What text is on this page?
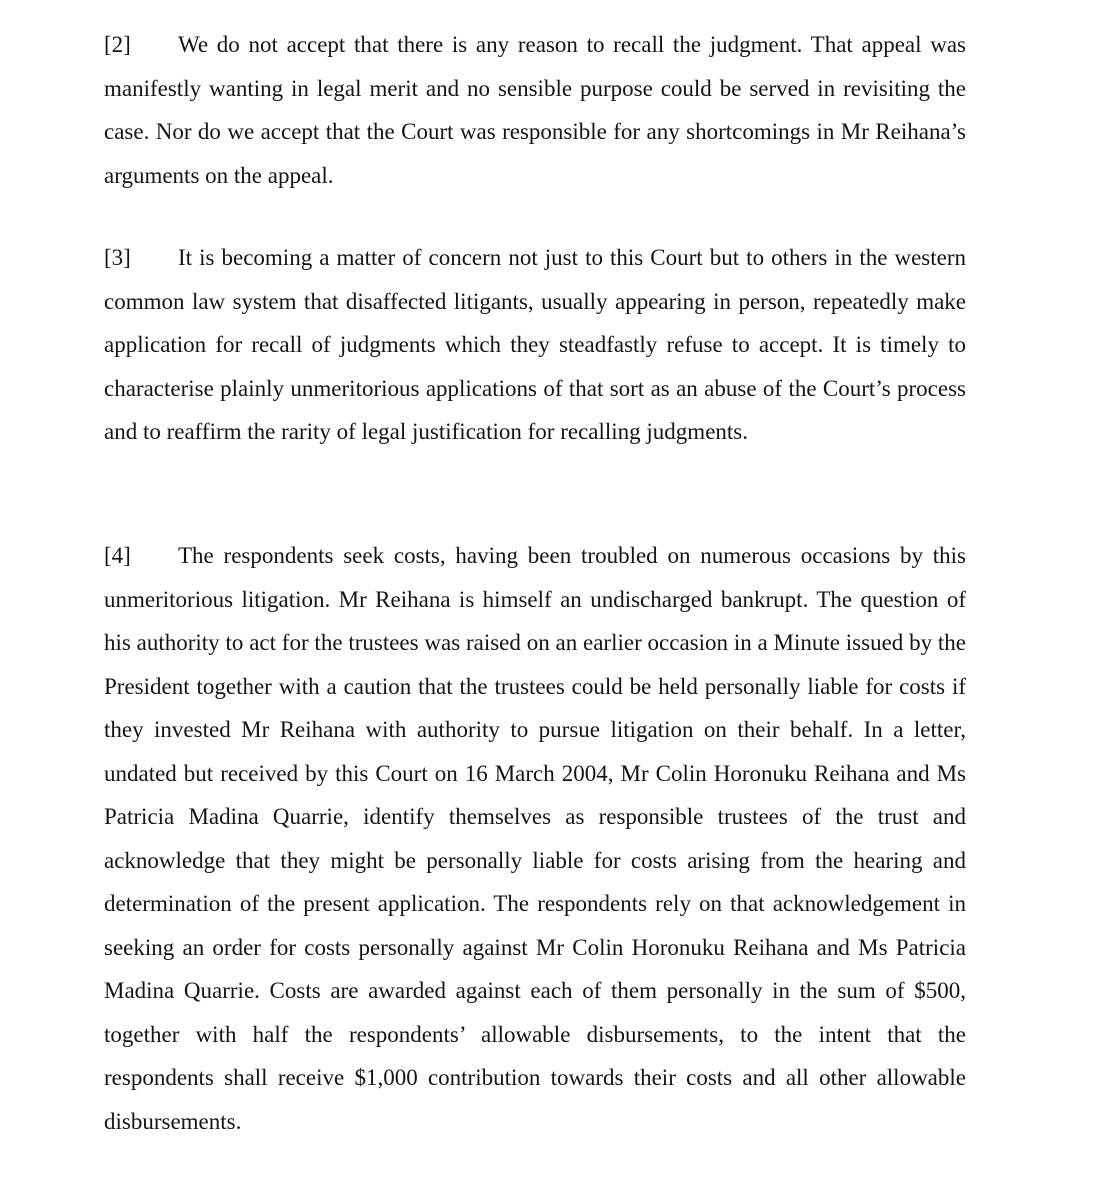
[2] We do not accept that there is any reason to recall the judgment. That appeal was manifestly wanting in legal merit and no sensible purpose could be served in revisiting the case. Nor do we accept that the Court was responsible for any shortcomings in Mr Reihana’s arguments on the appeal.

[3] It is becoming a matter of concern not just to this Court but to others in the western common law system that disaffected litigants, usually appearing in person, repeatedly make application for recall of judgments which they steadfastly refuse to accept. It is timely to characterise plainly unmeritorious applications of that sort as an abuse of the Court’s process and to reaffirm the rarity of legal justification for recalling judgments.

[4] The respondents seek costs, having been troubled on numerous occasions by this unmeritorious litigation. Mr Reihana is himself an undischarged bankrupt. The question of his authority to act for the trustees was raised on an earlier occasion in a Minute issued by the President together with a caution that the trustees could be held personally liable for costs if they invested Mr Reihana with authority to pursue litigation on their behalf. In a letter, undated but received by this Court on 16 March 2004, Mr Colin Horonuku Reihana and Ms Patricia Madina Quarrie, identify themselves as responsible trustees of the trust and acknowledge that they might be personally liable for costs arising from the hearing and determination of the present application. The respondents rely on that acknowledgement in seeking an order for costs personally against Mr Colin Horonuku Reihana and Ms Patricia Madina Quarrie. Costs are awarded against each of them personally in the sum of $500, together with half the respondents’ allowable disbursements, to the intent that the respondents shall receive $1,000 contribution towards their costs and all other allowable disbursements.
